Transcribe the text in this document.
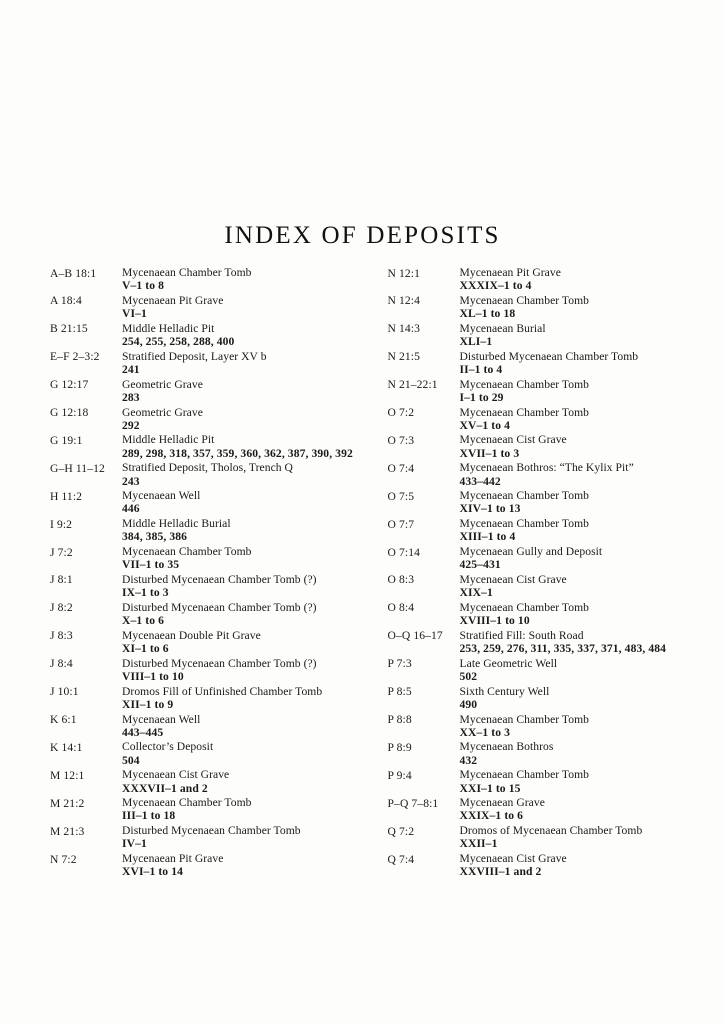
INDEX OF DEPOSITS
A–B 18:1	Mycenaean Chamber Tomb
V–1 to 8
A 18:4	Mycenaean Pit Grave
VI–1
B 21:15	Middle Helladic Pit
254, 255, 258, 288, 400
E–F 2–3:2	Stratified Deposit, Layer XV b
241
G 12:17	Geometric Grave
283
G 12:18	Geometric Grave
292
G 19:1	Middle Helladic Pit
289, 298, 318, 357, 359, 360, 362, 387, 390, 392
G–H 11–12	Stratified Deposit, Tholos, Trench Q
243
H 11:2	Mycenaean Well
446
I 9:2	Middle Helladic Burial
384, 385, 386
J 7:2	Mycenaean Chamber Tomb
VII–1 to 35
J 8:1	Disturbed Mycenaean Chamber Tomb (?)
IX–1 to 3
J 8:2	Disturbed Mycenaean Chamber Tomb (?)
X–1 to 6
J 8:3	Mycenaean Double Pit Grave
XI–1 to 6
J 8:4	Disturbed Mycenaean Chamber Tomb (?)
VIII–1 to 10
J 10:1	Dromos Fill of Unfinished Chamber Tomb
XII–1 to 9
K 6:1	Mycenaean Well
443–445
K 14:1	Collector’s Deposit
504
M 12:1	Mycenaean Cist Grave
XXXVII–1 and 2
M 21:2	Mycenaean Chamber Tomb
III–1 to 18
M 21:3	Disturbed Mycenaean Chamber Tomb
IV–1
N 7:2	Mycenaean Pit Grave
XVI–1 to 14
N 12:1	Mycenaean Pit Grave
XXXIX–1 to 4
N 12:4	Mycenaean Chamber Tomb
XL–1 to 18
N 14:3	Mycenaean Burial
XLI–1
N 21:5	Disturbed Mycenaean Chamber Tomb
II–1 to 4
N 21–22:1	Mycenaean Chamber Tomb
I–1 to 29
O 7:2	Mycenaean Chamber Tomb
XV–1 to 4
O 7:3	Mycenaean Cist Grave
XVII–1 to 3
O 7:4	Mycenaean Bothros: “The Kylix Pit”
433–442
O 7:5	Mycenaean Chamber Tomb
XIV–1 to 13
O 7:7	Mycenaean Chamber Tomb
XIII–1 to 4
O 7:14	Mycenaean Gully and Deposit
425–431
O 8:3	Mycenaean Cist Grave
XIX–1
O 8:4	Mycenaean Chamber Tomb
XVIII–1 to 10
O–Q 16–17	Stratified Fill: South Road
253, 259, 276, 311, 335, 337, 371, 483, 484
P 7:3	Late Geometric Well
502
P 8:5	Sixth Century Well
490
P 8:8	Mycenaean Chamber Tomb
XX–1 to 3
P 8:9	Mycenaean Bothros
432
P 9:4	Mycenaean Chamber Tomb
XXI–1 to 15
P–Q 7–8:1	Mycenaean Grave
XXIX–1 to 6
Q 7:2	Dromos of Mycenaean Chamber Tomb
XXII–1
Q 7:4	Mycenaean Cist Grave
XXVIII–1 and 2
